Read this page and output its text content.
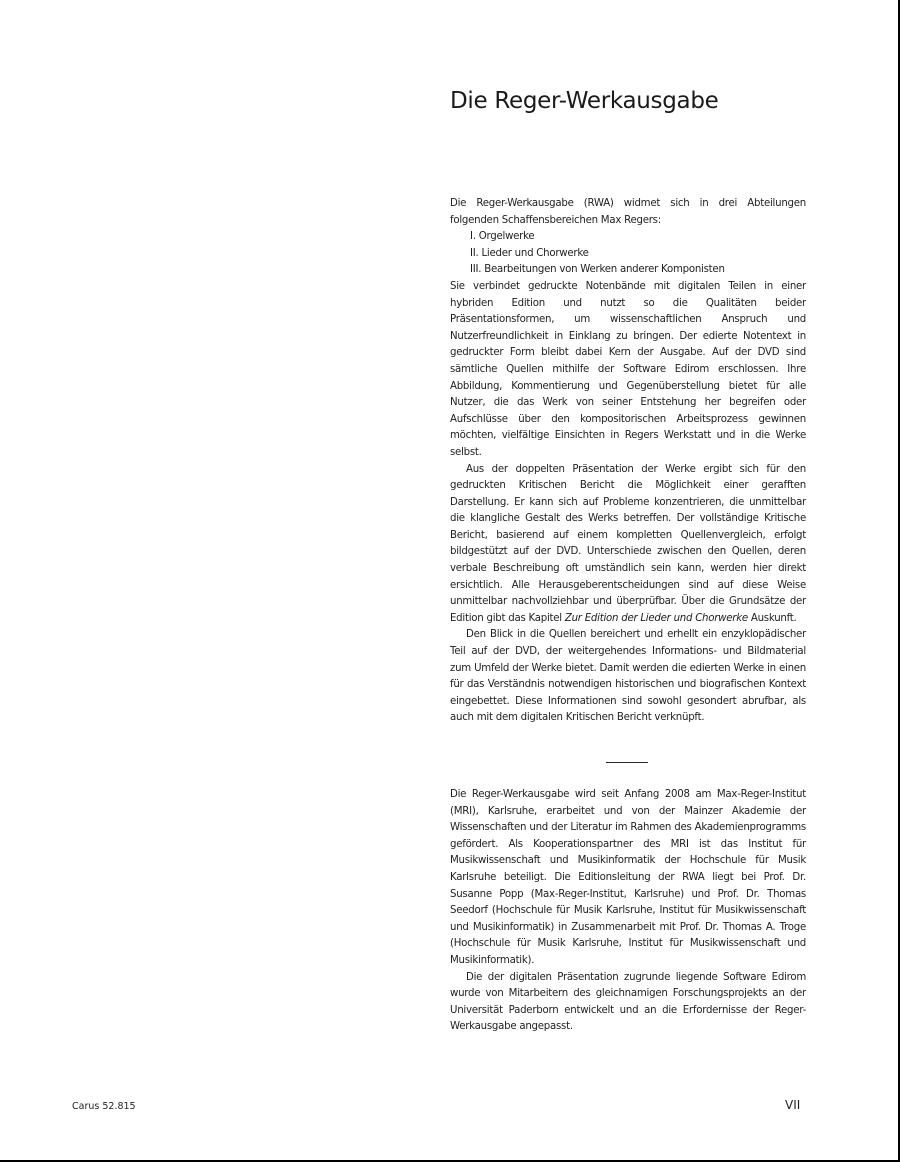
Die Reger-Werkausgabe

Die Reger-Werkausgabe (RWA) widmet sich in drei Abteilungen folgenden Schaffensbereichen Max Regers:

I. Orgelwerke
II. Lieder und Chorwerke
III. Bearbeitungen von Werken anderer Komponisten

Sie verbindet gedruckte Notenbände mit digitalen Teilen in einer hybriden Edition und nutzt so die Qualitäten beider Präsentationsformen, um wissenschaftlichen Anspruch und Nutzerfreundlichkeit in Einklang zu bringen. Der edierte Notentext in gedruckter Form bleibt dabei Kern der Ausgabe. Auf der DVD sind sämtliche Quellen mithilfe der Software Edirom erschlossen. Ihre Abbildung, Kommentierung und Gegenüberstellung bietet für alle Nutzer, die das Werk von seiner Entstehung her begreifen oder Aufschlüsse über den kompositorischen Arbeitsprozess gewinnen möchten, vielfältige Einsichten in Regers Werkstatt und in die Werke selbst.

Aus der doppelten Präsentation der Werke ergibt sich für den gedruckten Kritischen Bericht die Möglichkeit einer gerafften Darstellung. Er kann sich auf Probleme konzentrieren, die unmittelbar die klangliche Gestalt des Werks betreffen. Der vollständige Kritische Bericht, basierend auf einem kompletten Quellenvergleich, erfolgt bildgestützt auf der DVD. Unterschiede zwischen den Quellen, deren verbale Beschreibung oft umständlich sein kann, werden hier direkt ersichtlich. Alle Herausgeberentscheidungen sind auf diese Weise unmittelbar nachvollziehbar und überprüfbar. Über die Grundsätze der Edition gibt das Kapitel Zur Edition der Lieder und Chorwerke Auskunft.

Den Blick in die Quellen bereichert und erhellt ein enzyklopädischer Teil auf der DVD, der weitergehendes Informations- und Bildmaterial zum Umfeld der Werke bietet. Damit werden die edierten Werke in einen für das Verständnis notwendigen historischen und biografischen Kontext eingebettet. Diese Informationen sind sowohl gesondert abrufbar, als auch mit dem digitalen Kritischen Bericht verknüpft.

Die Reger-Werkausgabe wird seit Anfang 2008 am Max-Reger-Institut (MRI), Karlsruhe, erarbeitet und von der Mainzer Akademie der Wissenschaften und der Literatur im Rahmen des Akademienprogramms gefördert. Als Kooperationspartner des MRI ist das Institut für Musikwissenschaft und Musikinformatik der Hochschule für Musik Karlsruhe beteiligt. Die Editionsleitung der RWA liegt bei Prof. Dr. Susanne Popp (Max-Reger-Institut, Karlsruhe) und Prof. Dr. Thomas Seedorf (Hochschule für Musik Karlsruhe, Institut für Musikwissenschaft und Musikinformatik) in Zusammenarbeit mit Prof. Dr. Thomas A. Troge (Hochschule für Musik Karlsruhe, Institut für Musikwissenschaft und Musikinformatik).

Die der digitalen Präsentation zugrunde liegende Software Edirom wurde von Mitarbeitern des gleichnamigen Forschungsprojekts an der Universität Paderborn entwickelt und an die Erfordernisse der Reger-Werkausgabe angepasst.

Carus 52.815	VII
